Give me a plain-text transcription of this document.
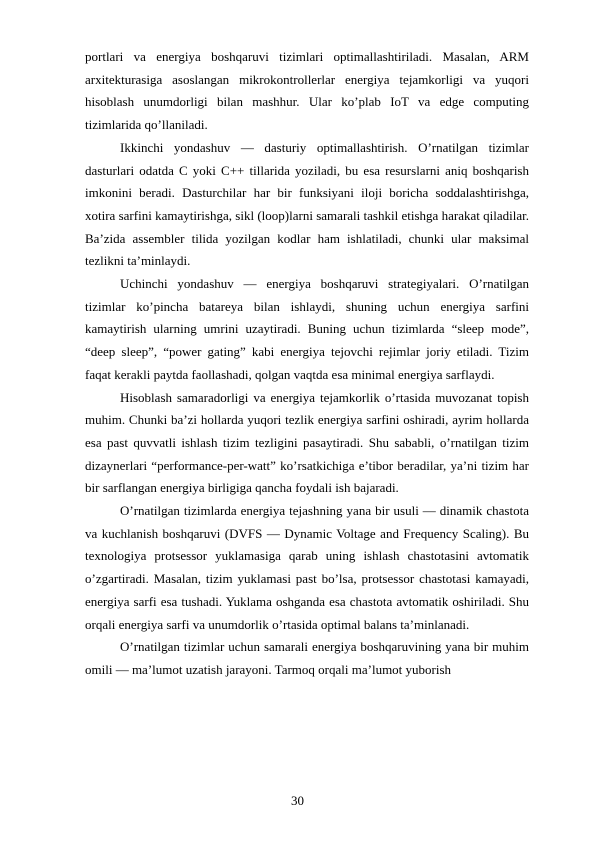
portlari va energiya boshqaruvi tizimlari optimallashtiriladi. Masalan, ARM arxitekturasiga asoslangan mikrokontrollerlar energiya tejamkorligi va yuqori hisoblash unumdorligi bilan mashhur. Ular ko’plab IoT va edge computing tizimlarida qo’llaniladi.

Ikkinchi yondashuv — dasturiy optimallashtirish. O’rnatilgan tizimlar dasturlari odatda C yoki C++ tillarida yoziladi, bu esa resurslarni aniq boshqarish imkonini beradi. Dasturchilar har bir funksiyani iloji boricha soddalashtirishga, xotira sarfini kamaytirishga, sikl (loop)larni samarali tashkil etishga harakat qiladilar. Ba’zida assembler tilida yozilgan kodlar ham ishlatiladi, chunki ular maksimal tezlikni ta’minlaydi.

Uchinchi yondashuv — energiya boshqaruvi strategiyalari. O’rnatilgan tizimlar ko’pincha batareya bilan ishlaydi, shuning uchun energiya sarfini kamaytirish ularning umrini uzaytiradi. Buning uchun tizimlarda “sleep mode”, “deep sleep”, “power gating” kabi energiya tejovchi rejimlar joriy etiladi. Tizim faqat kerakli paytda faollashadi, qolgan vaqtda esa minimal energiya sarflaydi.

Hisoblash samaradorligi va energiya tejamkorlik o’rtasida muvozanat topish muhim. Chunki ba’zi hollarda yuqori tezlik energiya sarfini oshiradi, ayrim hollarda esa past quvvatli ishlash tizim tezligini pasaytiradi. Shu sababli, o’rnatilgan tizim dizaynerlari “performance-per-watt” ko’rsatkichiga e’tibor beradilar, ya’ni tizim har bir sarflangan energiya birligiga qancha foydali ish bajaradi.

O’rnatilgan tizimlarda energiya tejashning yana bir usuli — dinamik chastota va kuchlanish boshqaruvi (DVFS — Dynamic Voltage and Frequency Scaling). Bu texnologiya protsessor yuklamasiga qarab uning ishlash chastotasini avtomatik o’zgartiradi. Masalan, tizim yuklamasi past bo’lsa, protsessor chastotasi kamayadi, energiya sarfi esa tushadi. Yuklama oshganda esa chastota avtomatik oshiriladi. Shu orqali energiya sarfi va unumdorlik o’rtasida optimal balans ta’minlanadi.

O’rnatilgan tizimlar uchun samarali energiya boshqaruvining yana bir muhim omili — ma’lumot uzatish jarayoni. Tarmoq orqali ma’lumot yuborish

30
